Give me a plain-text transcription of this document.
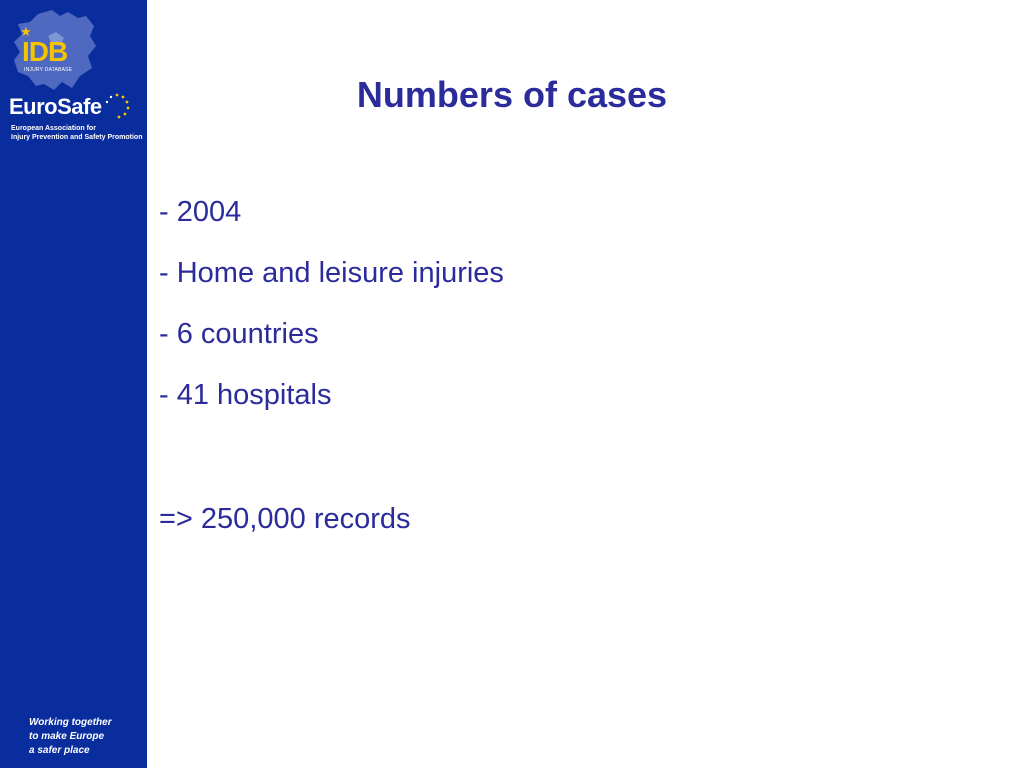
★
IDB
INJURY DATABASE
EuroSafe
European Association for
Injury Prevention and Safety Promotion
Working together
to make Europe
a safer place
Numbers of cases
- 2004
- Home and leisure injuries
- 6 countries
- 41 hospitals
=> 250,000 records
